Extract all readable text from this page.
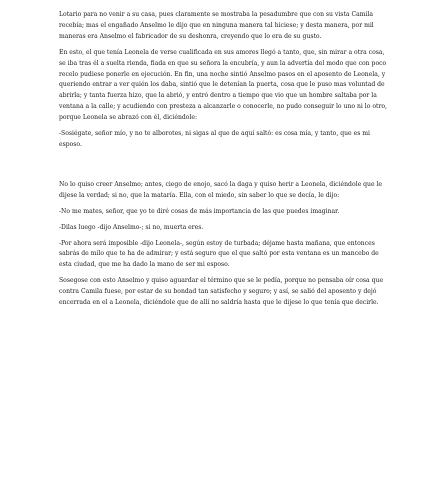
Lotario para no venir a su casa, pues claramente se mostraba la pesadumbre que con su vista Camila recebía; mas el engañado Anselmo le dijo que en ninguna manera tal hiciese; y desta manera, por mil maneras era Anselmo el fabricador de su deshonra, creyendo que lo era de su gusto.

En esto, el que tenía Leonela de verse cualificada en sus amores llegó a tanto, que, sin mirar a otra cosa, se iba tras él a suelta rienda, fiada en que su señora la encubría, y aun la advertía del modo que con poco recelo pudiese ponerle en ejecución. En fin, una noche sintió Anselmo pasos en el aposento de Leonela, y queriendo entrar a ver quién los daba, sintió que le detenían la puerta, cosa que le puso mas voluntad de abrirla; y tanta fuerza hizo, que la abrió, y entró dentro a tiempo que vio que un hombre saltaba por la ventana a la calle; y acudiendo con presteza a alcanzarle o conocerle, no pudo conseguir lo uno ni lo otro, porque Leonela se abrazó con él, diciéndole:

-Sosiégate, señor mío, y no te alborotes, ni sigas al que de aquí saltó: es cosa mía, y tanto, que es mi esposo.

No lo quiso creer Anselmo; antes, ciego de enojo, sacó la daga y quiso herir a Leonela, diciéndole que le dijese la verdad; si no, que la mataría. Ella, con el miedo, sin saber lo que se decía, le dijo:

-No me mates, señor, que yo te diré cosas de más importancia de las que puedes imaginar.

-Dilas luego -dijo Anselmo-; si no, muerta eres.

-Por ahora será imposible -dijo Leonela-, según estoy de turbada; déjame hasta mañana, que entonces sabrás de mílo que te ha de admirar; y está seguro que el que saltó por esta ventana es un mancebo de esta ciudad, que me ha dado la mano de ser mi esposo.

Sosegose con esto Anselmo y quiso aguardar el término que se le pedía, porque no pensaba oír cosa que contra Camila fuese, por estar de su bondad tan satisfecho y seguro; y así, se salió del aposento y dejó encerrada en el a Leonela, diciéndole que de allí no saldría hasta que le dijese lo que tenía que decirle.
